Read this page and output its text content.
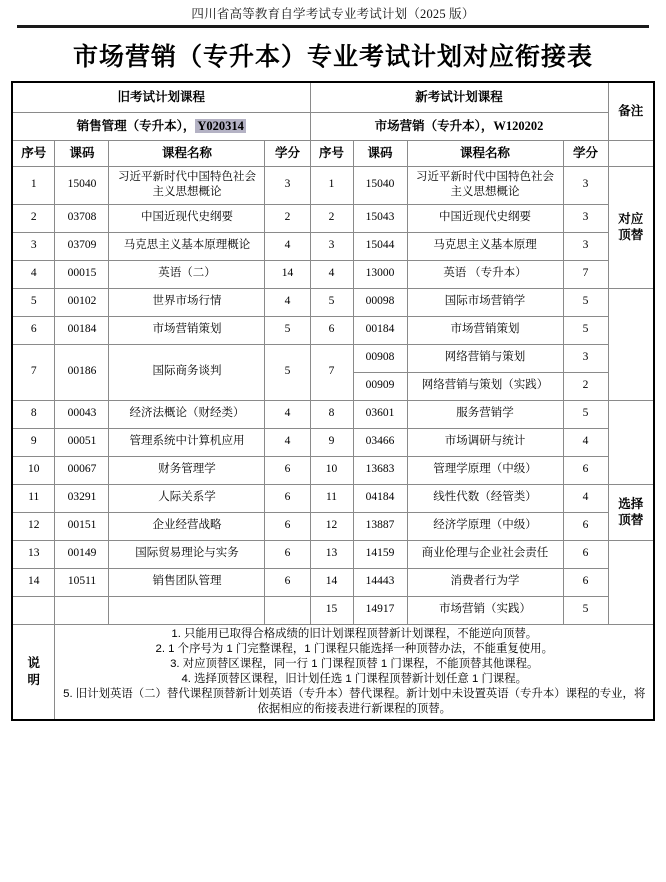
四川省高等教育自学考试专业考试计划（2025 版）
市场营销（专升本）专业考试计划对应衔接表
旧考试计划课程				新考试计划课程				备注
销售管理（专升本）， Y020314				市场营销（专升本），W120202				
序号	课码	课程名称	学分	序号	课码	课程名称	学分	
1	15040	习近平新时代中国特色社会主义思想概论	3	1	15040	习近平新时代中国特色社会主义思想概论	3	对应
顶替

2	03708	中国近现代史纲要	2	2	15043	中国近现代史纲要	3	
3	03709	马克思主义基本原理概论	4	3	15044	马克思主义基本原理	3	
4	00015	英语（二）	14	4	13000	英语 （专升本）	7	
5	00102	世界市场行情	4	5	00098	国际市场营销学	5	
6	00184	市场营销策划	5	6	00184	市场营销策划	5	
7	00186	国际商务谈判	5	7	00908	网络营销与策划	3	
					00909	网络营销与策划（实践）	2	
8	00043	经济法概论（财经类）	4	8	03601	服务营销学	5	
9	00051	管理系统中计算机应用	4	9	03466	市场调研与统计	4	
10	00067	财务管理学	6	10	13683	管理学原理（中级）	6	
11	03291	人际关系学	6	11	04184	线性代数（经管类）	4	选择
顶替

12	00151	企业经营战略	6	12	13887	经济学原理（中级）	6	
13	00149	国际贸易理论与实务	6	13	14159	商业伦理与企业社会责任	6	
14	10511	销售团队管理	6	14	14443	消费者行为学	6	
				15	14917	市场营销（实践）	5	

说
明

1. 只能用已取得合格成绩的旧计划课程顶替新计划课程，不能逆向顶替。

2. 1 个序号为 1 门完整课程，1 门课程只能选择一种顶替办法，不能重复使用。

3. 对应顶替区课程，同一行 1 门课程顶替 1 门课程，不能顶替其他课程。

4. 选择顶替区课程，旧计划任选 1 门课程顶替新计划任意 1 门课程。

5. 旧计划英语（二）替代课程顶替新计划英语（专升本）替代课程。新计划中未设置英语（专升本）课程的专业，将依据相应的衔接表进行新课程的顶替。
